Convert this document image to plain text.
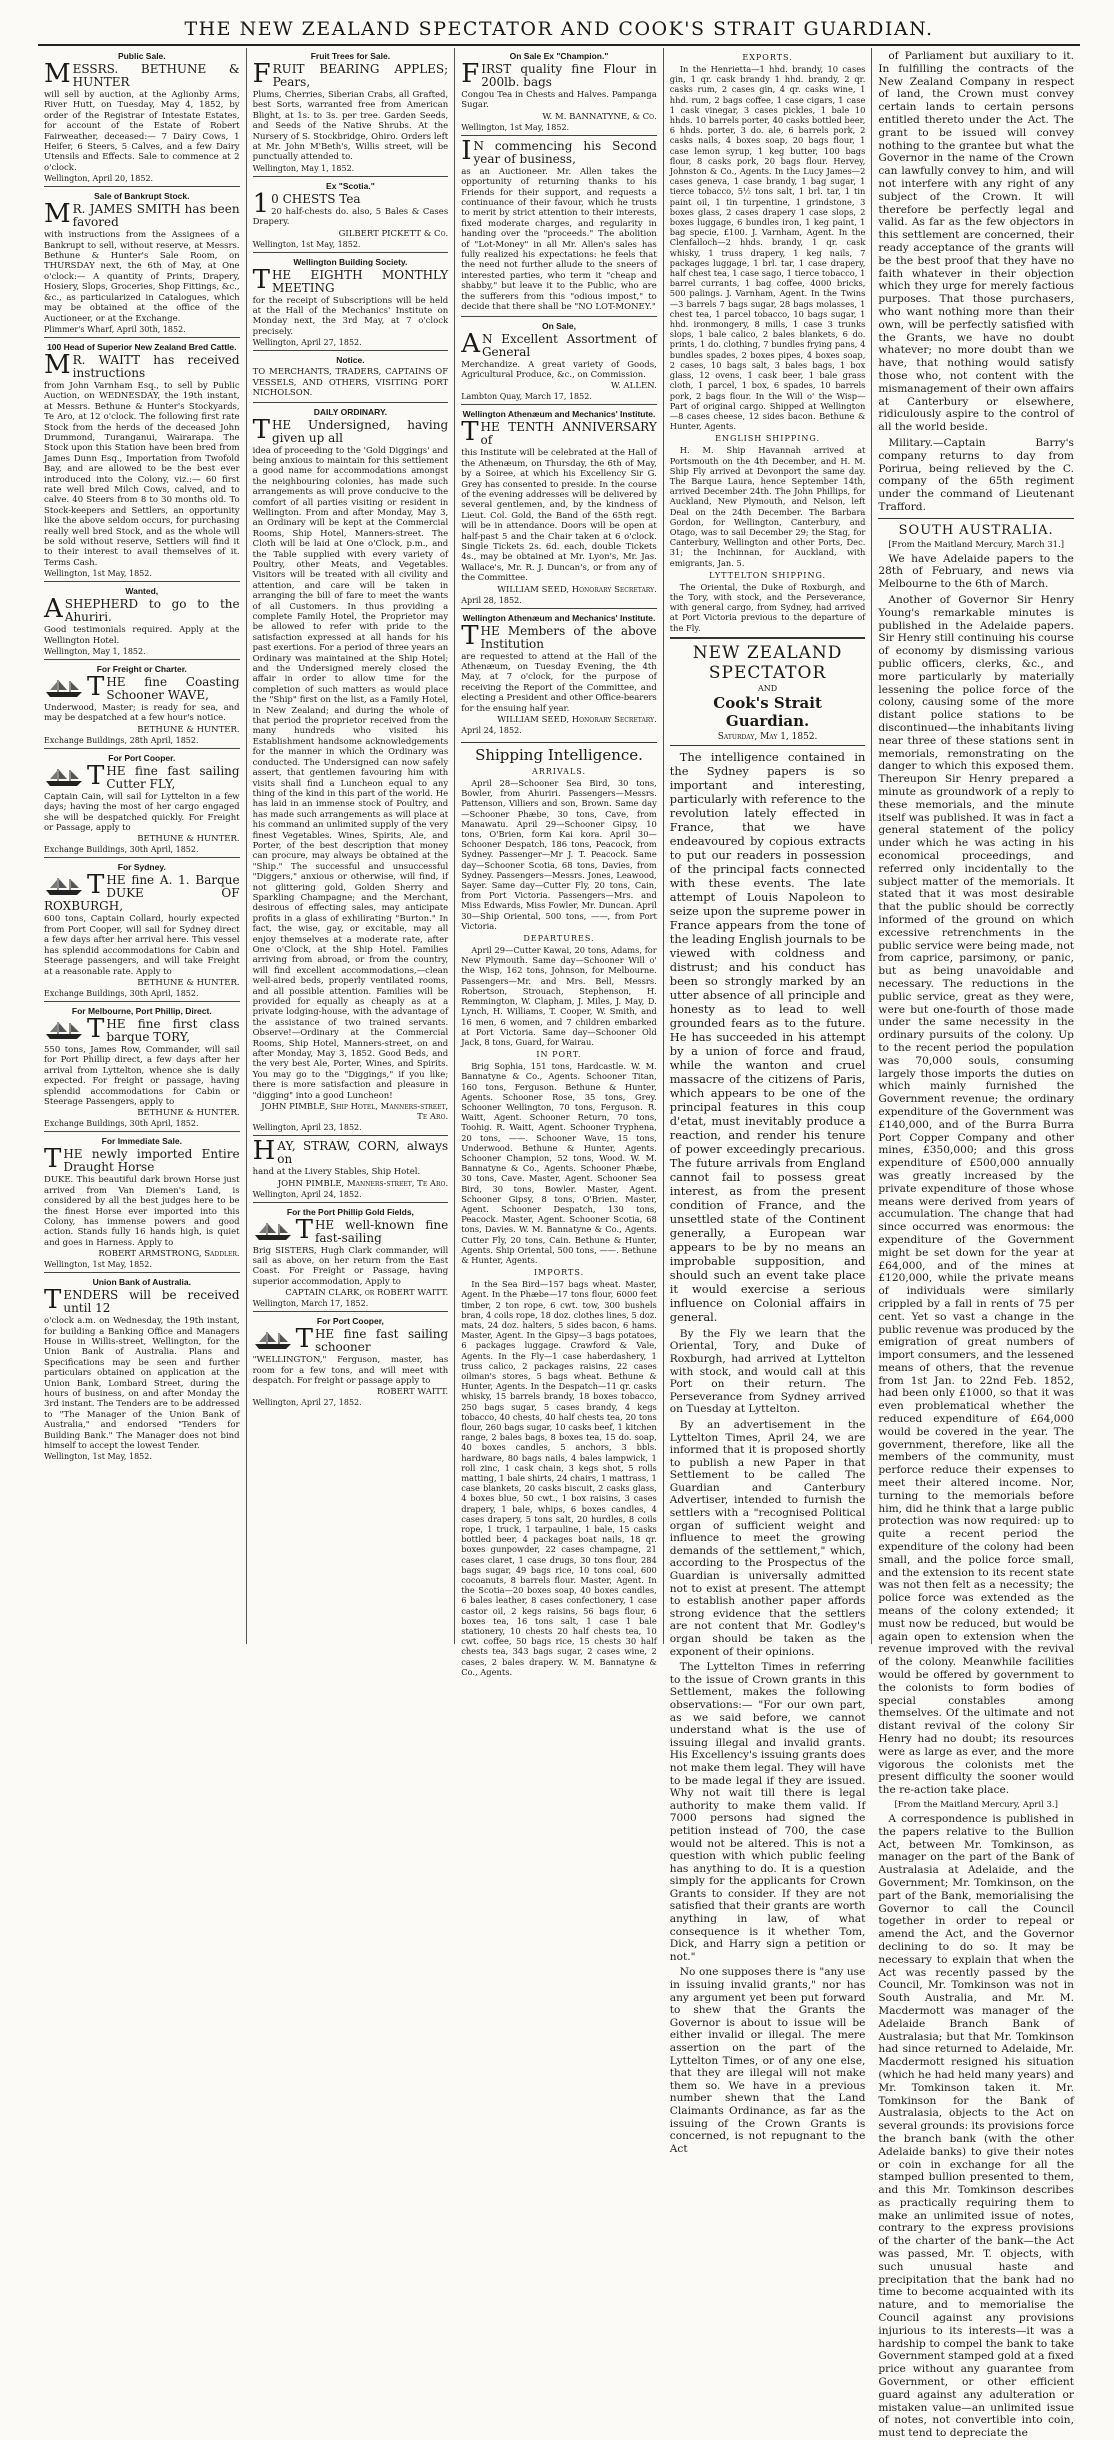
THE NEW ZEALAND SPECTATOR AND COOK'S STRAIT GUARDIAN.
Public Sale.
MESSRS. BETHUNE & HUNTER
will sell by auction, at the Aglionby Arms, River Hutt, on Tuesday, May 4, 1852, by order of the Registrar of Intestate Estates, for account of the Estate of Robert Fairweather, deceased:— 7 Dairy Cows, 1 Heifer, 6 Steers, 5 Calves, and a few Dairy Utensils and Effects. Sale to commence at 2 o'clock.
Wellington, April 20, 1852.
Sale of Bankrupt Stock.
MR. JAMES SMITH has been favored
with instructions from the Assignees of a Bankrupt to sell, without reserve, at Messrs. Bethune & Hunter's Sale Room, on THURSDAY next, the 6th of May, at One o'clock:— A quantity of Prints, Drapery, Hosiery, Slops, Groceries, Shop Fittings, &c., &c., as particularized in Catalogues, which may be obtained at the office of the Auctioneer, or at the Exchange.
Plimmer's Wharf, April 30th, 1852.
100 Head of Superior New Zealand Bred Cattle.
MR. WAITT has received instructions
from John Varnham Esq., to sell by Public Auction, on WEDNESDAY, the 19th instant, at Messrs. Bethune & Hunter's Stockyards, Te Aro, at 12 o'clock. The following first rate Stock from the herds of the deceased John Drummond, Turanganui, Wairarapa. The Stock upon this Station have been bred from James Dunn Esq., Importation from Twofold Bay, and are allowed to be the best ever introduced into the Colony, viz.:— 60 first rate well bred Milch Cows, calved, and to calve. 40 Steers from 8 to 30 months old. To Stock-keepers and Settlers, an opportunity like the above seldom occurs, for purchasing really well bred Stock, and as the whole will be sold without reserve, Settlers will find it to their interest to avail themselves of it. Terms Cash.
Wellington, 1st May, 1852.
Wanted,
ASHEPHERD to go to the Ahuriri.
Good testimonials required. Apply at the Wellington Hotel.
Wellington, May 1, 1852.
For Freight or Charter.
THE fine Coasting Schooner WAVE,
Underwood, Master; is ready for sea, and may be despatched at a few hour's notice.
BETHUNE & HUNTER.
Exchange Buildings, 28th April, 1852.
For Port Cooper.
THE fine fast sailing Cutter FLY,
Captain Cain, will sail for Lyttelton in a few days; having the most of her cargo engaged she will be despatched quickly. For Freight or Passage, apply to
BETHUNE & HUNTER.
Exchange Buildings, 30th April, 1852.
For Sydney.
THE fine A. 1. Barque DUKE OF ROXBURGH,
600 tons, Captain Collard, hourly expected from Port Cooper, will sail for Sydney direct a few days after her arrival here. This vessel has splendid accommodations for Cabin and Steerage passengers, and will take Freight at a reasonable rate. Apply to
BETHUNE & HUNTER.
Exchange Buildings, 30th April, 1852.
For Melbourne, Port Phillip, Direct.
THE fine first class barque TORY,
550 tons, James Row, Commander, will sail for Port Phillip direct, a few days after her arrival from Lyttelton, whence she is daily expected. For freight or passage, having splendid accommodations for Cabin or Steerage Passengers, apply to
BETHUNE & HUNTER.
Exchange Buildings, 30th April, 1852.
For Immediate Sale.
THE newly imported Entire Draught Horse
DUKE. This beautiful dark brown Horse just arrived from Van Diemen's Land, is considered by all the best judges here to be the finest Horse ever imported into this Colony, has immense powers and good action. Stands fully 16 hands high, is quiet and goes in Harness. Apply to
ROBERT ARMSTRONG, Saddler.
Wellington, 1st May, 1852.
Union Bank of Australia.
TENDERS will be received until 12
o'clock a.m. on Wednesday, the 19th instant, for building a Banking Office and Managers House in Willis-street, Wellington, for the Union Bank of Australia. Plans and Specifications may be seen and further particulars obtained on application at the Union Bank, Lombard Street, during the hours of business, on and after Monday the 3rd instant. The Tenders are to be addressed to "The Manager of the Union Bank of Australia," and endorsed "Tenders for Building Bank." The Manager does not bind himself to accept the lowest Tender.
Wellington, 1st May, 1852.
Fruit Trees for Sale.
FRUIT BEARING APPLES; Pears,
Plums, Cherries, Siberian Crabs, all Grafted, best Sorts, warranted free from American Blight, at 1s. to 3s. per tree. Garden Seeds, and Seeds of the Native Shrubs. At the Nursery of S. Stockbridge, Ohiro. Orders left at Mr. John M'Beth's, Willis street, will be punctually attended to.
Wellington, May 1, 1852.
Ex "Scotia."
10 CHESTS Tea
20 half-chests do. also, 5 Bales & Cases Drapery.
GILBERT PICKETT & Co.
Wellington, 1st May, 1852.
Wellington Building Society.
THE EIGHTH MONTHLY MEETING
for the receipt of Subscriptions will be held at the Hall of the Mechanics' Institute on Monday next, the 3rd May, at 7 o'clock precisely.
Wellington, April 27, 1852.
Notice.
TO MERCHANTS, TRADERS, CAPTAINS OF VESSELS, AND OTHERS, VISITING PORT NICHOLSON.
DAILY ORDINARY.
THE Undersigned, having given up all
idea of proceeding to the 'Gold Diggings' and being anxious to maintain for this settlement a good name for accommodations amongst the neighbouring colonies, has made such arrangements as will prove conducive to the comfort of all parties visiting or resident in Wellington. From and after Monday, May 3, an Ordinary will be kept at the Commercial Rooms, Ship Hotel, Manners-street. The Cloth will be laid at One o'Clock, p.m., and the Table supplied with every variety of Poultry, other Meats, and Vegetables. Visitors will be treated with all civility and attention, and care will be taken in arranging the bill of fare to meet the wants of all Customers. In thus providing a complete Family Hotel, the Proprietor may be allowed to refer with pride to the satisfaction expressed at all hands for his past exertions. For a period of three years an Ordinary was maintained at the Ship Hotel; and the Undersigned merely closed the affair in order to allow time for the completion of such matters as would place the "Ship" first on the list, as a Family Hotel, in New Zealand; and during the whole of that period the proprietor received from the many hundreds who visited his Establishment handsome acknowledgements for the manner in which the Ordinary was conducted. The Undersigned can now safely assert, that gentlemen favouring him with visits shall find a Luncheon equal to any thing of the kind in this part of the world. He has laid in an immense stock of Poultry, and has made such arrangements as will place at his command an unlimited supply of the very finest Vegetables. Wines, Spirits, Ale, and Porter, of the best description that money can procure, may always be obtained at the "Ship." The successful and unsuccessful "Diggers," anxious or otherwise, will find, if not glittering gold, Golden Sherry and Sparkling Champagne; and the Merchant, desirous of effecting sales, may anticipate profits in a glass of exhilirating "Burton." In fact, the wise, gay, or excitable, may all enjoy themselves at a moderate rate, after One o'Clock, at the Ship Hotel. Families arriving from abroad, or from the country, will find excellent accommodations,—clean well-aired beds, properly ventilated rooms, and all possible attention. Families will be provided for equally as cheaply as at a private lodging-house, with the advantage of the assistance of two trained servants. Observe!—Ordinary at the Commercial Rooms, Ship Hotel, Manners-street, on and after Monday, May 3, 1852. Good Beds, and the very best Ale, Porter, Wines, and Spirits. You may go to the "Diggings," if you like; there is more satisfaction and pleasure in "digging" into a good Luncheon!
JOHN PIMBLE, Ship Hotel, Manners-street, Te Aro.
Wellington, April 23, 1852.
HAY, STRAW, CORN, always on
hand at the Livery Stables, Ship Hotel.
JOHN PIMBLE, Manners-street, Te Aro.
Wellington, April 24, 1852.
For the Port Phillip Gold Fields,
THE well-known fine fast-sailing
Brig SISTERS, Hugh Clark commander, will sail as above, on her return from the East Coast. For Freight or Passage, having superior accommodation, Apply to
CAPTAIN CLARK, or ROBERT WAITT.
Wellington, March 17, 1852.
For Port Cooper,
THE fine fast sailing schooner
"WELLINGTON," Ferguson, master, has room for a few tons, and will meet with despatch. For freight or passage apply to
ROBERT WAITT.
Wellington, April 27, 1852.
On Sale Ex "Champion."
FIRST quality fine Flour in 200lb. bags
Congou Tea in Chests and Halves. Pampanga Sugar.
W. M. BANNATYNE, & Co.
Wellington, 1st May, 1852.
IN commencing his Second year of business,
as an Auctioneer. Mr. Allen takes the opportunity of returning thanks to his Friends for their support, and requests a continuance of their favour, which he trusts to merit by strict attention to their interests, fixed moderate charges, and regularity in handing over the "proceeds." The abolition of "Lot-Money" in all Mr. Allen's sales has fully realized his expectations: he feels that the need not further allude to the sneers of interested parties, who term it "cheap and shabby," but leave it to the Public, who are the sufferers from this "odious impost," to decide that there shall be "NO LOT-MONEY."
On Sale,
AN Excellent Assortment of General
Merchandize. A great variety of Goods, Agricultural Produce, &c., on Commission.
W. ALLEN.
Lambton Quay, March 17, 1852.
Wellington Athenæum and Mechanics' Institute.
THE TENTH ANNIVERSARY of
this Institute will be celebrated at the Hall of the Athenæum, on Thursday, the 6th of May, by a Soiree, at which his Excellency Sir G. Grey has consented to preside. In the course of the evening addresses will be delivered by several gentlemen, and, by the kindness of Lieut. Col. Gold, the Band of the 65th regt. will be in attendance. Doors will be open at half-past 5 and the Chair taken at 6 o'clock. Single Tickets 2s. 6d. each, double Tickets 4s., may be obtained at Mr. Lyon's, Mr. Jas. Wallace's, Mr. R. J. Duncan's, or from any of the Committee.
WILLIAM SEED, Honorary Secretary.
April 28, 1852.
Wellington Athenæum and Mechanics' Institute.
THE Members of the above Institution
are requested to attend at the Hall of the Athenæum, on Tuesday Evening, the 4th May, at 7 o'clock, for the purpose of receiving the Report of the Committee, and electing a President and other Office-bearers for the ensuing half year.
WILLIAM SEED, Honorary Secretary.
April 24, 1852.
Shipping Intelligence.
ARRIVALS.

April 28—Schooner Sea Bird, 30 tons, Bowler, from Ahuriri. Passengers—Messrs. Pattenson, Villiers and son, Brown. Same day—Schooner Phæbe, 30 tons, Cave, from Manawatu. April 29—Schooner Gipsy, 10 tons, O'Brien, form Kai kora. April 30—Schooner Despatch, 186 tons, Peacock, from Sydney. Passenger—Mr J. T. Peacock. Same day—Schooner Scotia, 68 tons, Davies, from Sydney. Passengers—Messrs. Jones, Leawood, Sayer. Same day—Cutter Fly, 20 tons, Cain, from Port Victoria. Passengers—Mrs. and Miss Edwards, Miss Fowler, Mr. Duncan. April 30—Ship Oriental, 500 tons, ——, from Port Victoria.

DEPARTURES.

April 29—Cutter Kawai, 20 tons, Adams, for New Plymouth. Same day—Schooner Will o' the Wisp, 162 tons, Johnson, for Melbourne. Passengers—Mr. and Mrs. Bell, Messrs. Robertson, Strouach, Stephenson, H. Remmington, W. Clapham, J. Miles, J. May, D. Lynch, H. Williams, T. Cooper, W. Smith, and 16 men, 6 women, and 7 children embarked at Port Victoria. Same day—Schooner Old Jack, 8 tons, Guard, for Wairau.

IN PORT.

Brig Sophia, 151 tons, Hardcastle. W. M. Bannatyne & Co., Agents. Schooner Titan, 160 tons, Ferguson. Bethune & Hunter, Agents. Schooner Rose, 35 tons, Grey. Schooner Wellington, 70 tons, Ferguson. R. Waitt, Agent. Schooner Return, 70 tons, Toohig. R. Waitt, Agent. Schooner Tryphena, 20 tons, ——. Schooner Wave, 15 tons, Underwood. Bethune & Hunter, Agents. Schooner Champion, 52 tons, Wood. W. M. Bannatyne & Co., Agents. Schooner Phæbe, 30 tons, Cave. Master, Agent. Schooner Sea Bird, 30 tons, Bowler. Master, Agent. Schooner Gipsy, 8 tons, O'Brien. Master, Agent. Schooner Despatch, 130 tons, Peacock. Master, Agent. Schooner Scotia, 68 tons, Davies. W. M. Bannatyne & Co., Agents. Cutter Fly, 20 tons, Cain. Bethune & Hunter, Agents. Ship Oriental, 500 tons, ——. Bethune & Hunter, Agents.

IMPORTS.

In the Sea Bird—157 bags wheat. Master, Agent. In the Phæbe—17 tons flour, 6000 feet timber, 2 ton rope, 6 cwt. tow, 300 bushels bran, 4 coils rope, 18 doz. clothes lines, 5 doz. mats, 24 doz. halters, 5 sides bacon, 6 hams. Master, Agent. In the Gipsy—3 bags potatoes, 6 packages luggage. Crawford & Vale, Agents. In the Fly—1 case haberdashery, 1 truss calico, 2 packages raisins, 22 cases oilman's stores, 5 bags wheat. Bethune & Hunter, Agents. In the Despatch—11 qr. casks whisky, 15 barrels brandy, 18 boxes tobacco, 250 bags sugar, 5 cases brandy, 4 kegs tobacco, 40 chests, 40 half chests tea, 20 tons flour, 260 bags sugar, 10 casks beef, 1 kitchen range, 2 bales bags, 8 boxes tea, 15 do. soap, 40 boxes candles, 5 anchors, 3 bbls. hardware, 80 bags nails, 4 bales lampwick, 1 roll zinc, 1 cask chain, 3 kegs shot, 5 rolls matting, 1 bale shirts, 24 chairs, 1 mattrass, 1 case blankets, 20 casks biscuit, 2 casks glass, 4 boxes blue, 50 cwt., 1 box raisins, 3 cases drapery, 1 bale, whips, 6 boxes candles, 4 cases drapery, 5 tons salt, 20 hurdles, 8 coils rope, 1 truck, 1 tarpauline, 1 bale, 15 casks bottled beer, 4 packages boat nails, 18 qr. boxes gunpowder, 22 cases champagne, 21 cases claret, 1 case drugs, 30 tons flour, 284 bags sugar, 49 bags rice, 10 tons coal, 600 cocoanuts, 8 barrels flour. Master, Agent. In the Scotia—20 boxes soap, 40 boxes candles, 6 bales leather, 8 cases confectionery, 1 case castor oil, 2 kegs raisins, 56 bags flour, 6 boxes tea, 16 tons salt, 1 case 1 bale stationery, 10 chests 20 half chests tea, 10 cwt. coffee, 50 bags rice, 15 chests 30 half chests tea, 343 bags sugar, 2 cases wine, 2 cases, 2 bales drapery. W. M. Bannatyne & Co., Agents.

EXPORTS.

In the Henrietta—1 hhd. brandy, 10 cases gin, 1 qr. cask brandy 1 hhd. brandy, 2 qr. casks rum, 2 cases gin, 4 qr. casks wine, 1 hhd. rum, 2 bags coffee, 1 case cigars, 1 case 1 cask vinegar, 3 cases pickles, 1 bale 10 hhds. 10 barrels porter, 40 casks bottled beer, 6 hhds. porter, 3 do. ale, 6 barrels pork, 2 casks nails, 4 boxes soap, 20 bags flour, 1 case lemon syrup, 1 keg butter, 100 bags flour, 8 casks pork, 20 bags flour. Hervey, Johnston & Co., Agents. In the Lucy James—2 cases geneva, 1 case brandy, 1 bag sugar, 1 tierce tobacco, 5½ tons salt, 1 brl. tar, 1 tin paint oil, 1 tin turpentine, 1 grindstone, 3 boxes glass, 2 cases drapery 1 case slops, 2 boxes luggage, 6 bundles iron, 1 keg paint, 1 bag specie, £100. J. Varnham, Agent. In the Clenfalloch—2 hhds. brandy, 1 qr. cask whisky, 1 truss drapery, 1 keg nails, 7 packages luggage, 1 brl. tar, 1 case drapery, half chest tea, 1 case sago, 1 tierce tobacco, 1 barrel currants, 1 bag coffee, 4000 bricks, 500 palings. J. Varnham, Agent. In the Twins—3 barrels 7 bags sugar, 28 bags molasses, 1 chest tea, 1 parcel tobacco, 10 bags sugar, 1 hhd. ironmongery, 8 mills, 1 case 3 trunks slops, 1 bale calico, 2 bales blankets, 6 do. prints, 1 do. clothing, 7 bundles frying pans, 4 bundles spades, 2 boxes pipes, 4 boxes soap, 2 cases, 10 bags salt, 3 bales bags, 1 box glass, 12 ovens, 1 cask beer, 1 bale grass cloth, 1 parcel, 1 box, 6 spades, 10 barrels pork, 2 bags flour. In the Will o' the Wisp—Part of original cargo. Shipped at Wellington—8 cases cheese, 12 sides bacon. Bethune & Hunter, Agents.

ENGLISH SHIPPING.

H. M. Ship Havannah arrived at Portsmouth on the 4th December, and H. M. Ship Fly arrived at Devonport the same day. The Barque Laura, hence September 14th, arrived December 24th. The John Phillips, for Auckland, New Plymouth, and Nelson, left Deal on the 24th December. The Barbara Gordon, for Wellington, Canterbury, and Otago, was to sail December 29; the Stag, for Canterbury, Wellington and other Ports, Dec. 31; the Inchinnan, for Auckland, with emigrants, Jan. 5.

LYTTELTON SHIPPING.

The Oriental, the Duke of Roxburgh, and the Tory, with stock, and the Perseverance, with general cargo, from Sydney, had arrived at Port Victoria previous to the departure of the Fly.

NEW ZEALAND SPECTATOR
AND
Cook's Strait Guardian.
Saturday, May 1, 1852.

The intelligence contained in the Sydney papers is so important and interesting, particularly with reference to the revolution lately effected in France, that we have endeavoured by copious extracts to put our readers in possession of the principal facts connected with these events. The late attempt of Louis Napoleon to seize upon the supreme power in France appears from the tone of the leading English journals to be viewed with coldness and distrust; and his conduct has been so strongly marked by an utter absence of all principle and honesty as to lead to well grounded fears as to the future. He has succeeded in his attempt by a union of force and fraud, while the wanton and cruel massacre of the citizens of Paris, which appears to be one of the principal features in this coup d'etat, must inevitably produce a reaction, and render his tenure of power exceedingly precarious. The future arrivals from England cannot fail to possess great interest, as from the present condition of France, and the unsettled state of the Continent generally, a European war appears to be by no means an improbable supposition, and should such an event take place it would exercise a serious influence on Colonial affairs in general.

By the Fly we learn that the Oriental, Tory, and Duke of Roxburgh, had arrived at Lyttelton with stock, and would call at this Port on their return. The Perseverance from Sydney arrived on Tuesday at Lyttelton.

By an advertisement in the Lyttelton Times, April 24, we are informed that it is proposed shortly to publish a new Paper in that Settlement to be called The Guardian and Canterbury Advertiser, intended to furnish the settlers with a "recognised Political organ of sufficient weight and influence to meet the growing demands of the settlement," which, according to the Prospectus of the Guardian is universally admitted not to exist at present. The attempt to establish another paper affords strong evidence that the settlers are not content that Mr. Godley's organ should be taken as the exponent of their opinions.

The Lyttelton Times in referring to the issue of Crown grants in this Settlement, makes the following observations:— "For our own part, as we said before, we cannot understand what is the use of issuing illegal and invalid grants. His Excellency's issuing grants does not make them legal. They will have to be made legal if they are issued. Why not wait till there is legal authority to make them valid. If 7000 persons had signed the petition instead of 700, the case would not be altered. This is not a question with which public feeling has anything to do. It is a question simply for the applicants for Crown Grants to consider. If they are not satisfied that their grants are worth anything in law, of what consequence is it whether Tom, Dick, and Harry sign a petition or not."

No one supposes there is "any use in issuing invalid grants," nor has any argument yet been put forward to shew that the Grants the Governor is about to issue will be either invalid or illegal. The mere assertion on the part of the Lyttelton Times, or of any one else, that they are illegal will not make them so. We have in a previous number shewn that the Land Claimants Ordinance, as far as the issuing of the Crown Grants is concerned, is not repugnant to the Act

of Parliament but auxiliary to it. In fulfilling the contracts of the New Zealand Company in respect of land, the Crown must convey certain lands to certain persons entitled thereto under the Act. The grant to be issued will convey nothing to the grantee but what the Governor in the name of the Crown can lawfully convey to him, and will not interfere with any right of any subject of the Crown. It will therefore be perfectly legal and valid. As far as the few objectors in this settlement are concerned, their ready acceptance of the grants will be the best proof that they have no faith whatever in their objection which they urge for merely factious purposes. That those purchasers, who want nothing more than their own, will be perfectly satisfied with the Grants, we have no doubt whatever; no more doubt than we have, that nothing would satisfy those who, not content with the mismanagement of their own affairs at Canterbury or elsewhere, ridiculously aspire to the control of all the world beside.

Military.—Captain Barry's company returns to day from Porirua, being relieved by the C. company of the 65th regiment under the command of Lieutenant Trafford.

SOUTH AUSTRALIA.
[From the Maitland Mercury, March 31.]

We have Adelaide papers to the 28th of February, and news via Melbourne to the 6th of March.

Another of Governor Sir Henry Young's remarkable minutes is published in the Adelaide papers. Sir Henry still continuing his course of economy by dismissing various public officers, clerks, &c., and more particularly by materially lessening the police force of the colony, causing some of the more distant police stations to be discontinued—the inhabitants living near three of these stations sent in memorials, remonstrating on the danger to which this exposed them. Thereupon Sir Henry prepared a minute as groundwork of a reply to these memorials, and the minute itself was published. It was in fact a general statement of the policy under which he was acting in his economical proceedings, and referred only incidentally to the subject matter of the memorials. It stated that it was most desirable that the public should be correctly informed of the ground on which excessive retrenchments in the public service were being made, not from caprice, parsimony, or panic, but as being unavoidable and necessary. The reductions in the public service, great as they were, were but one-fourth of those made under the same necessity in the ordinary pursuits of the colony. Up to the recent period the population was 70,000 souls, consuming largely those imports the duties on which mainly furnished the Government revenue; the ordinary expenditure of the Government was £140,000, and of the Burra Burra Port Copper Company and other mines, £350,000; and this gross expenditure of £500,000 annually was greatly increased by the private expenditure of those whose means were derived from years of accumulation. The change that had since occurred was enormous: the expenditure of the Government might be set down for the year at £64,000, and of the mines at £120,000, while the private means of individuals were similarly crippled by a fall in rents of 75 per cent. Yet so vast a change in the public revenue was produced by the emigration of great numbers of import consumers, and the lessened means of others, that the revenue from 1st Jan. to 22nd Feb. 1852, had been only £1000, so that it was even problematical whether the reduced expenditure of £64,000 would be covered in the year. The government, therefore, like all the members of the community, must perforce reduce their expenses to meet their altered income. Nor, turning to the memorials before him, did he think that a large public protection was now required: up to quite a recent period the expenditure of the colony had been small, and the police force small, and the extension to its recent state was not then felt as a necessity; the police force was extended as the means of the colony extended; it must now be reduced, but would be again open to extension when the revenue improved with the revival of the colony. Meanwhile facilities would be offered by government to the colonists to form bodies of special constables among themselves. Of the ultimate and not distant revival of the colony Sir Henry had no doubt; its resources were as large as ever, and the more vigorous the colonists met the present difficulty the sooner would the re-action take place.

[From the Maitland Mercury, April 3.]

A correspondence is published in the papers relative to the Bullion Act, between Mr. Tomkinson, as manager on the part of the Bank of Australasia at Adelaide, and the Government; Mr. Tomkinson, on the part of the Bank, memorialising the Governor to call the Council together in order to repeal or amend the Act, and the Governor declining to do so. It may be necessary to explain that when the Act was recently passed by the Council, Mr. Tomkinson was not in South Australia, and Mr. M. Macdermott was manager of the Adelaide Branch Bank of Australasia; but that Mr. Tomkinson had since returned to Adelaide, Mr. Macdermott resigned his situation (which he had held many years) and Mr. Tomkinson taken it. Mr. Tomkinson for the Bank of Australasia, objects to the Act on several grounds: its provisions force the branch bank (with the other Adelaide banks) to give their notes or coin in exchange for all the stamped bullion presented to them, and this Mr. Tomkinson describes as practically requiring them to make an unlimited issue of notes, contrary to the express provisions of the charter of the bank—the Act was passed, Mr. T. objects, with such unusual haste and precipitation that the bank had no time to become acquainted with its nature, and to memorialise the Council against any provisions injurious to its interests—it was a hardship to compel the bank to take Government stamped gold at a fixed price without any guarantee from Government, or other efficient guard against any adulteration or mistaken value—an unlimited issue of notes, not convertible into coin, must tend to depreciate the
